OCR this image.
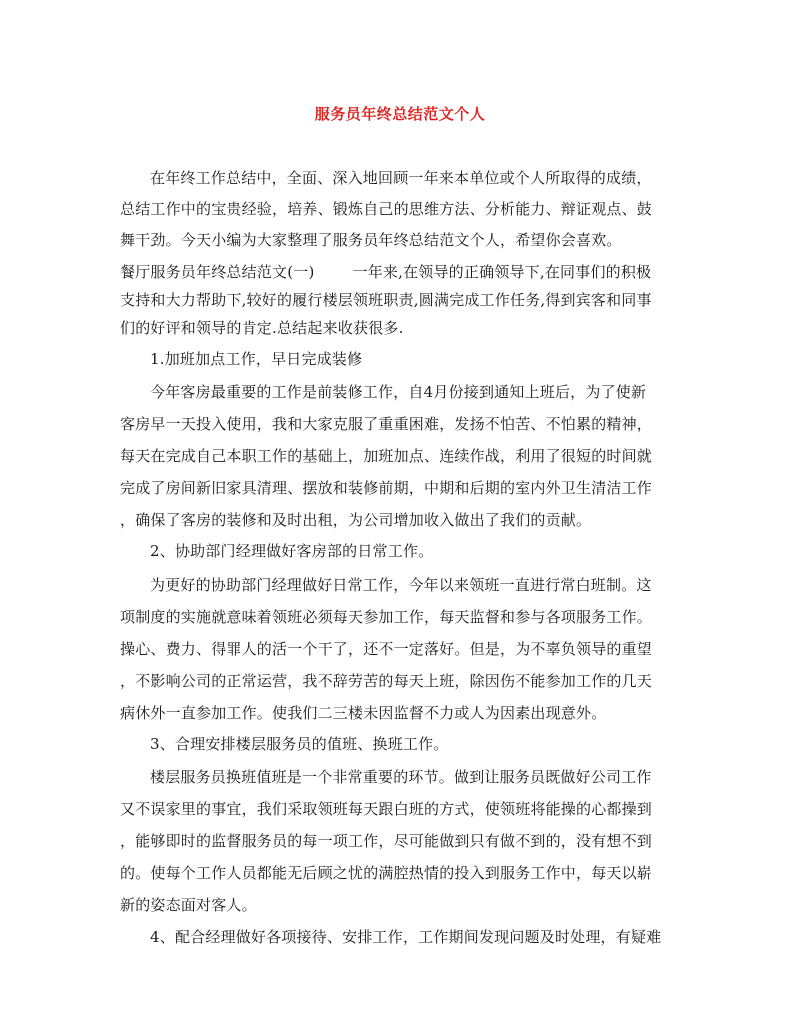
服务员年终总结范文个人
在年终工作总结中，全面、深入地回顾一年来本单位或个人所取得的成绩，
总结工作中的宝贵经验，培养、锻炼自己的思维方法、分析能力、辩证观点、鼓
舞干劲。今天小编为大家整理了服务员年终总结范文个人，希望你会喜欢。
餐厅服务员年终总结范文(一)	一年来,在领导的正确领导下,在同事们的积极
支持和大力帮助下,较好的履行楼层领班职责,圆满完成工作任务,得到宾客和同事
们的好评和领导的肯定.总结起来收获很多.
1.加班加点工作，早日完成装修
今年客房最重要的工作是前装修工作，自4月份接到通知上班后，为了使新
客房早一天投入使用，我和大家克服了重重困难，发扬不怕苦、不怕累的精神，
每天在完成自己本职工作的基础上，加班加点、连续作战，利用了很短的时间就
完成了房间新旧家具清理、摆放和装修前期，中期和后期的室内外卫生清洁工作
，确保了客房的装修和及时出租，为公司增加收入做出了我们的贡献。
2、协助部门经理做好客房部的日常工作。
为更好的协助部门经理做好日常工作，今年以来领班一直进行常白班制。这
项制度的实施就意味着领班必须每天参加工作，每天监督和参与各项服务工作。
操心、费力、得罪人的活一个干了，还不一定落好。但是，为不辜负领导的重望
，不影响公司的正常运营，我不辞劳苦的每天上班，除因伤不能参加工作的几天
病休外一直参加工作。使我们二三楼未因监督不力或人为因素出现意外。
3、合理安排楼层服务员的值班、换班工作。
楼层服务员换班值班是一个非常重要的环节。做到让服务员既做好公司工作
又不误家里的事宜，我们采取领班每天跟白班的方式，使领班将能操的心都操到
，能够即时的监督服务员的每一项工作，尽可能做到只有做不到的，没有想不到
的。使每个工作人员都能无后顾之忧的满腔热情的投入到服务工作中，每天以崭
新的姿态面对客人。
4、配合经理做好各项接待、安排工作，工作期间发现问题及时处理，有疑难
